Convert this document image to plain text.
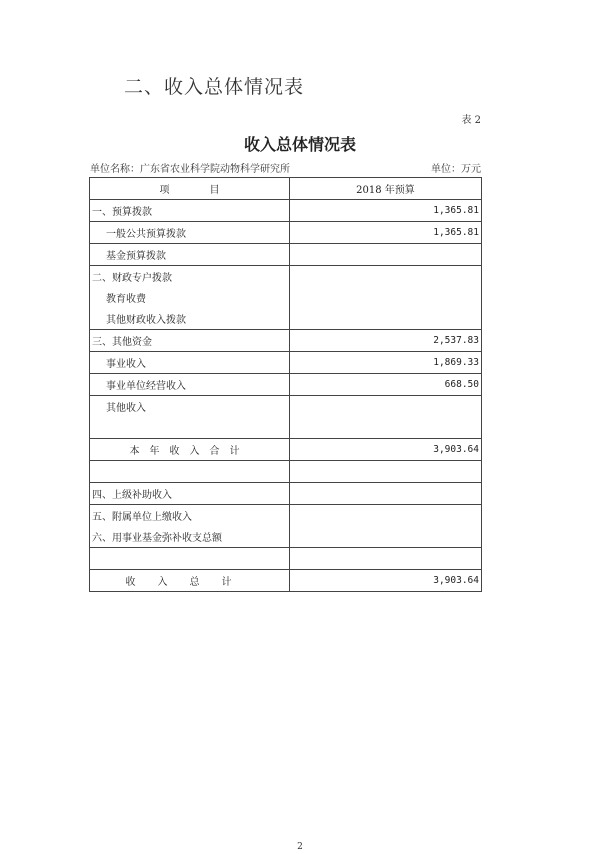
二、收入总体情况表
表 2
收入总体情况表
单位名称：广东省农业科学院动物科学研究所	单位：万元
项　　　　目	2018 年预算
一、预算拨款	1,365.81
一般公共预算拨款	1,365.81
基金预算拨款	
二、财政专户拨款	
教育收费	
其他财政收入拨款	
三、其他资金	2,537.83
事业收入	1,869.33
事业单位经营收入	668.50
其他收入	

本年收入合计	3,903.64

四、上级补助收入	
五、附属单位上缴收入	
六、用事业基金弥补收支总额	

收入总计	3,903.64
2
